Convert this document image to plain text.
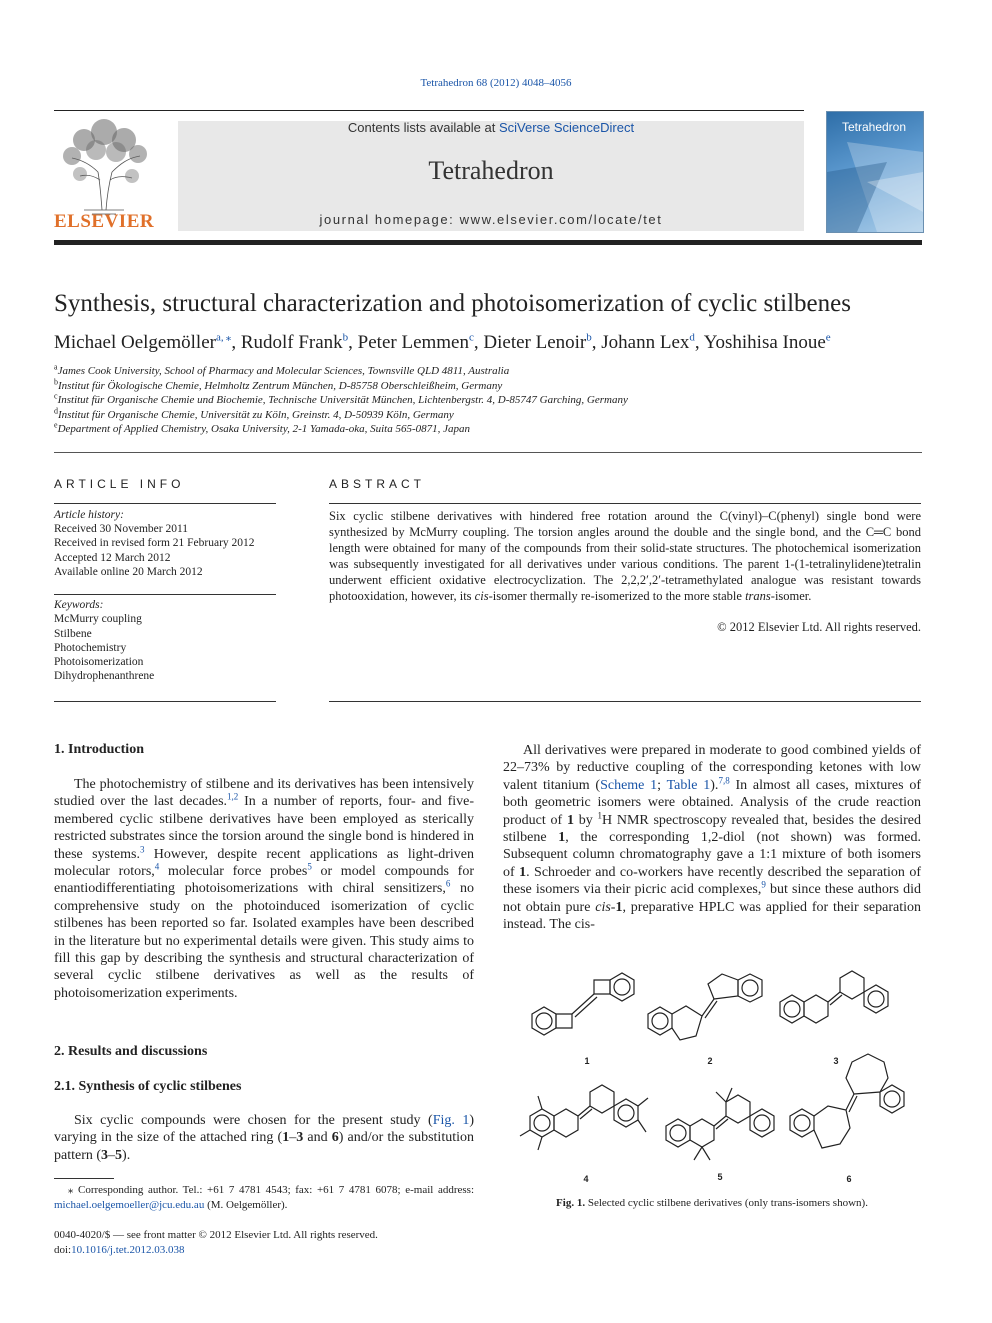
Tetrahedron 68 (2012) 4048–4056
ELSEVIER
Contents lists available at SciVerse ScienceDirect
Tetrahedron
journal homepage: www.elsevier.com/locate/tet
Tetrahedron
Synthesis, structural characterization and photoisomerization of cyclic stilbenes
Michael Oelgemöller$^{a, ⁎}$, Rudolf Frank$^b$, Peter Lemmen$^c$, Dieter Lenoir$^b$, Johann Lex$^d$, Yoshihisa Inoue$^e$
$^a$James Cook University, School of Pharmacy and Molecular Sciences, Townsville QLD 4811, Australia
$^b$Institut für Ökologische Chemie, Helmholtz Zentrum München, D-85758 Oberschleißheim, Germany
$^c$Institut für Organische Chemie und Biochemie, Technische Universität München, Lichtenbergstr. 4, D-85747 Garching, Germany
$^d$Institut für Organische Chemie, Universität zu Köln, Greinstr. 4, D-50939 Köln, Germany
$^e$Department of Applied Chemistry, Osaka University, 2-1 Yamada-oka, Suita 565-0871, Japan
ARTICLE INFO
Article history:
Received 30 November 2011
Received in revised form 21 February 2012
Accepted 12 March 2012
Available online 20 March 2012
Keywords:
McMurry coupling
Stilbene
Photochemistry
Photoisomerization
Dihydrophenanthrene
ABSTRACT
Six cyclic stilbene derivatives with hindered free rotation around the C(vinyl)–C(phenyl) single bond were synthesized by McMurry coupling. The torsion angles around the double and the single bond, and the C═C bond length were obtained for many of the compounds from their solid-state structures. The photochemical isomerization was subsequently investigated for all derivatives under various conditions. The parent 1-(1-tetralinylidene)tetralin underwent efficient oxidative electrocyclization. The 2,2,2′,2′-tetramethylated analogue was resistant towards photooxidation, however, its cis-isomer thermally re-isomerized to the more stable trans-isomer.
© 2012 Elsevier Ltd. All rights reserved.
1. Introduction

The photochemistry of stilbene and its derivatives has been intensively studied over the last decades.$^{1,2}$ In a number of reports, four- and five-membered cyclic stilbene derivatives have been employed as sterically restricted substrates since the torsion around the single bond is hindered in these systems.$^3$ However, despite recent applications as light-driven molecular rotors,$^4$ molecular force probes$^5$ or model compounds for enantiodifferentiating photoisomerizations with chiral sensitizers,$^6$ no comprehensive study on the photoinduced isomerization of cyclic stilbenes has been reported so far. Isolated examples have been described in the literature but no experimental details were given. This study aims to fill this gap by describing the synthesis and structural characterization of several cyclic stilbene derivatives as well as the results of photoisomerization experiments.

2. Results and discussions
2.1. Synthesis of cyclic stilbenes

Six cyclic compounds were chosen for the present study (Fig. 1) varying in the size of the attached ring (1–3 and 6) and/or the substitution pattern (3–5).

⁎ Corresponding author. Tel.: +61 7 4781 4543; fax: +61 7 4781 6078; e-mail address: michael.oelgemoeller@jcu.edu.au (M. Oelgemöller).
0040-4020/$ — see front matter © 2012 Elsevier Ltd. All rights reserved.
doi:10.1016/j.tet.2012.03.038

All derivatives were prepared in moderate to good combined yields of 22–73% by reductive coupling of the corresponding ketones with low valent titanium (Scheme 1; Table 1).$^{7,8}$ In almost all cases, mixtures of both geometric isomers were obtained. Analysis of the crude reaction product of 1 by $^1$H NMR spectroscopy revealed that, besides the desired stilbene 1, the corresponding 1,2-diol (not shown) was formed. Subsequent column chromatography gave a 1:1 mixture of both isomers of 1. Schroeder and co-workers have recently described the separation of these isomers via their picric acid complexes,$^9$ but since these authors did not obtain pure cis-1, preparative HPLC was applied for their separation instead. The cis-

1	2	3
4	5	6
Fig. 1. Selected cyclic stilbene derivatives (only trans-isomers shown).
